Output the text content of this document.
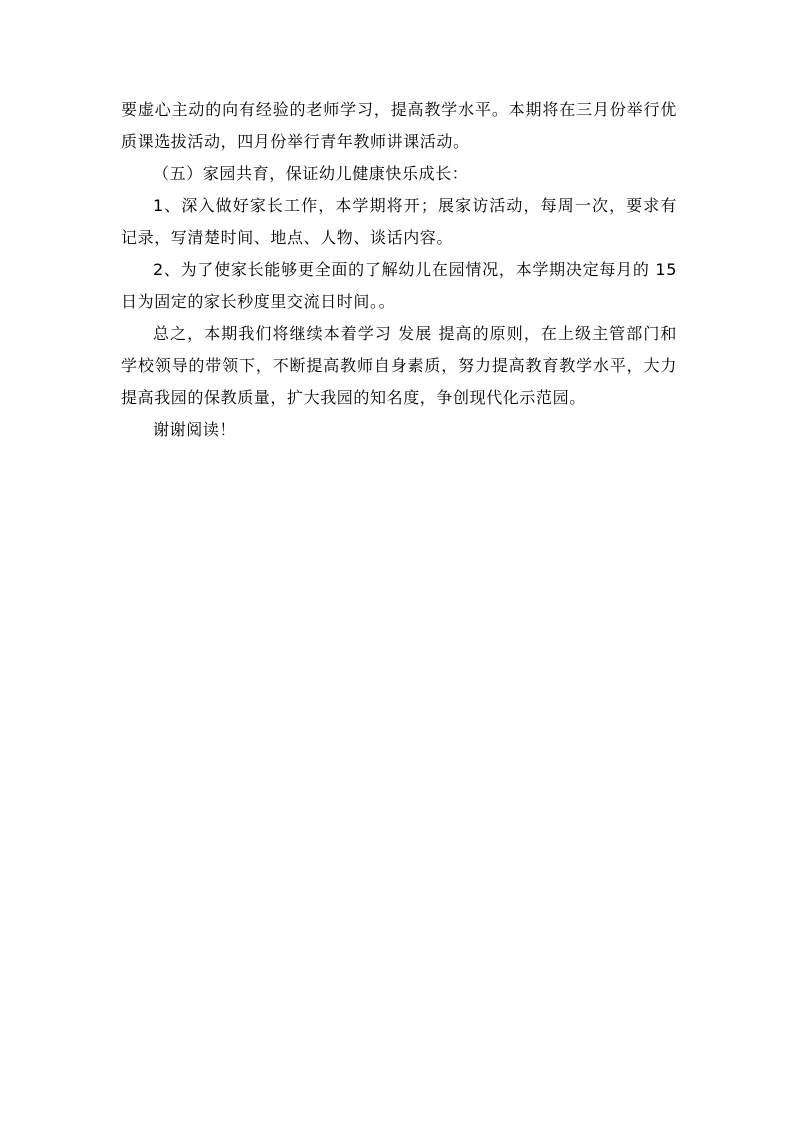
要虚心主动的向有经验的老师学习，提高教学水平。本期将在三月份举行优质课选拔活动，四月份举行青年教师讲课活动。

（五）家园共育，保证幼儿健康快乐成长：

1、深入做好家长工作，本学期将开；展家访活动，每周一次，要求有记录，写清楚时间、地点、人物、谈话内容。

2、为了使家长能够更全面的了解幼儿在园情况，本学期决定每月的 15 日为固定的家长秒度里交流日时间。。

总之，本期我们将继续本着学习 发展 提高的原则，在上级主管部门和学校领导的带领下，不断提高教师自身素质，努力提高教育教学水平，大力提高我园的保教质量，扩大我园的知名度，争创现代化示范园。

谢谢阅读！
